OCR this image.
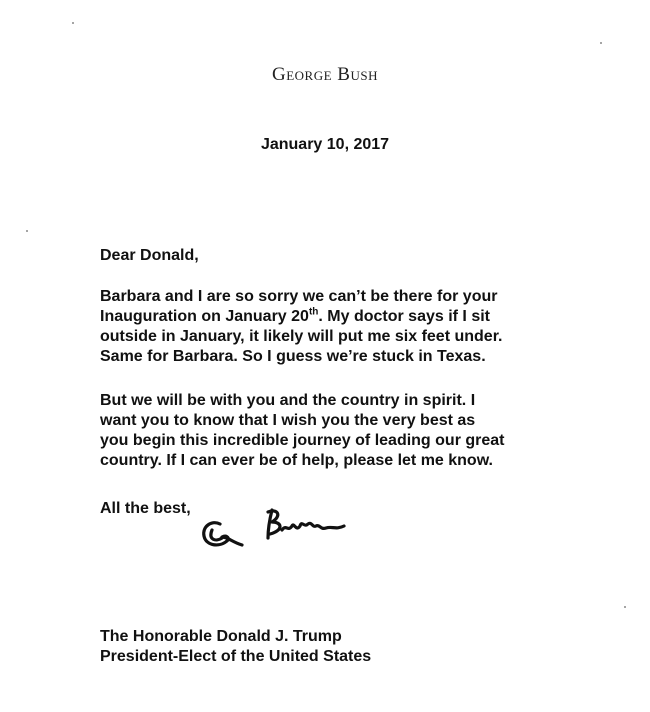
George Bush
January 10, 2017

Dear Donald,

Barbara and I are so sorry we can’t be there for your
Inauguration on January 20th. My doctor says if I sit
outside in January, it likely will put me six feet under.
Same for Barbara. So I guess we’re stuck in Texas.

But we will be with you and the country in spirit. I
want you to know that I wish you the very best as
you begin this incredible journey of leading our great
country. If I can ever be of help, please let me know.

All the best,

The Honorable Donald J. Trump
President-Elect of the United States
